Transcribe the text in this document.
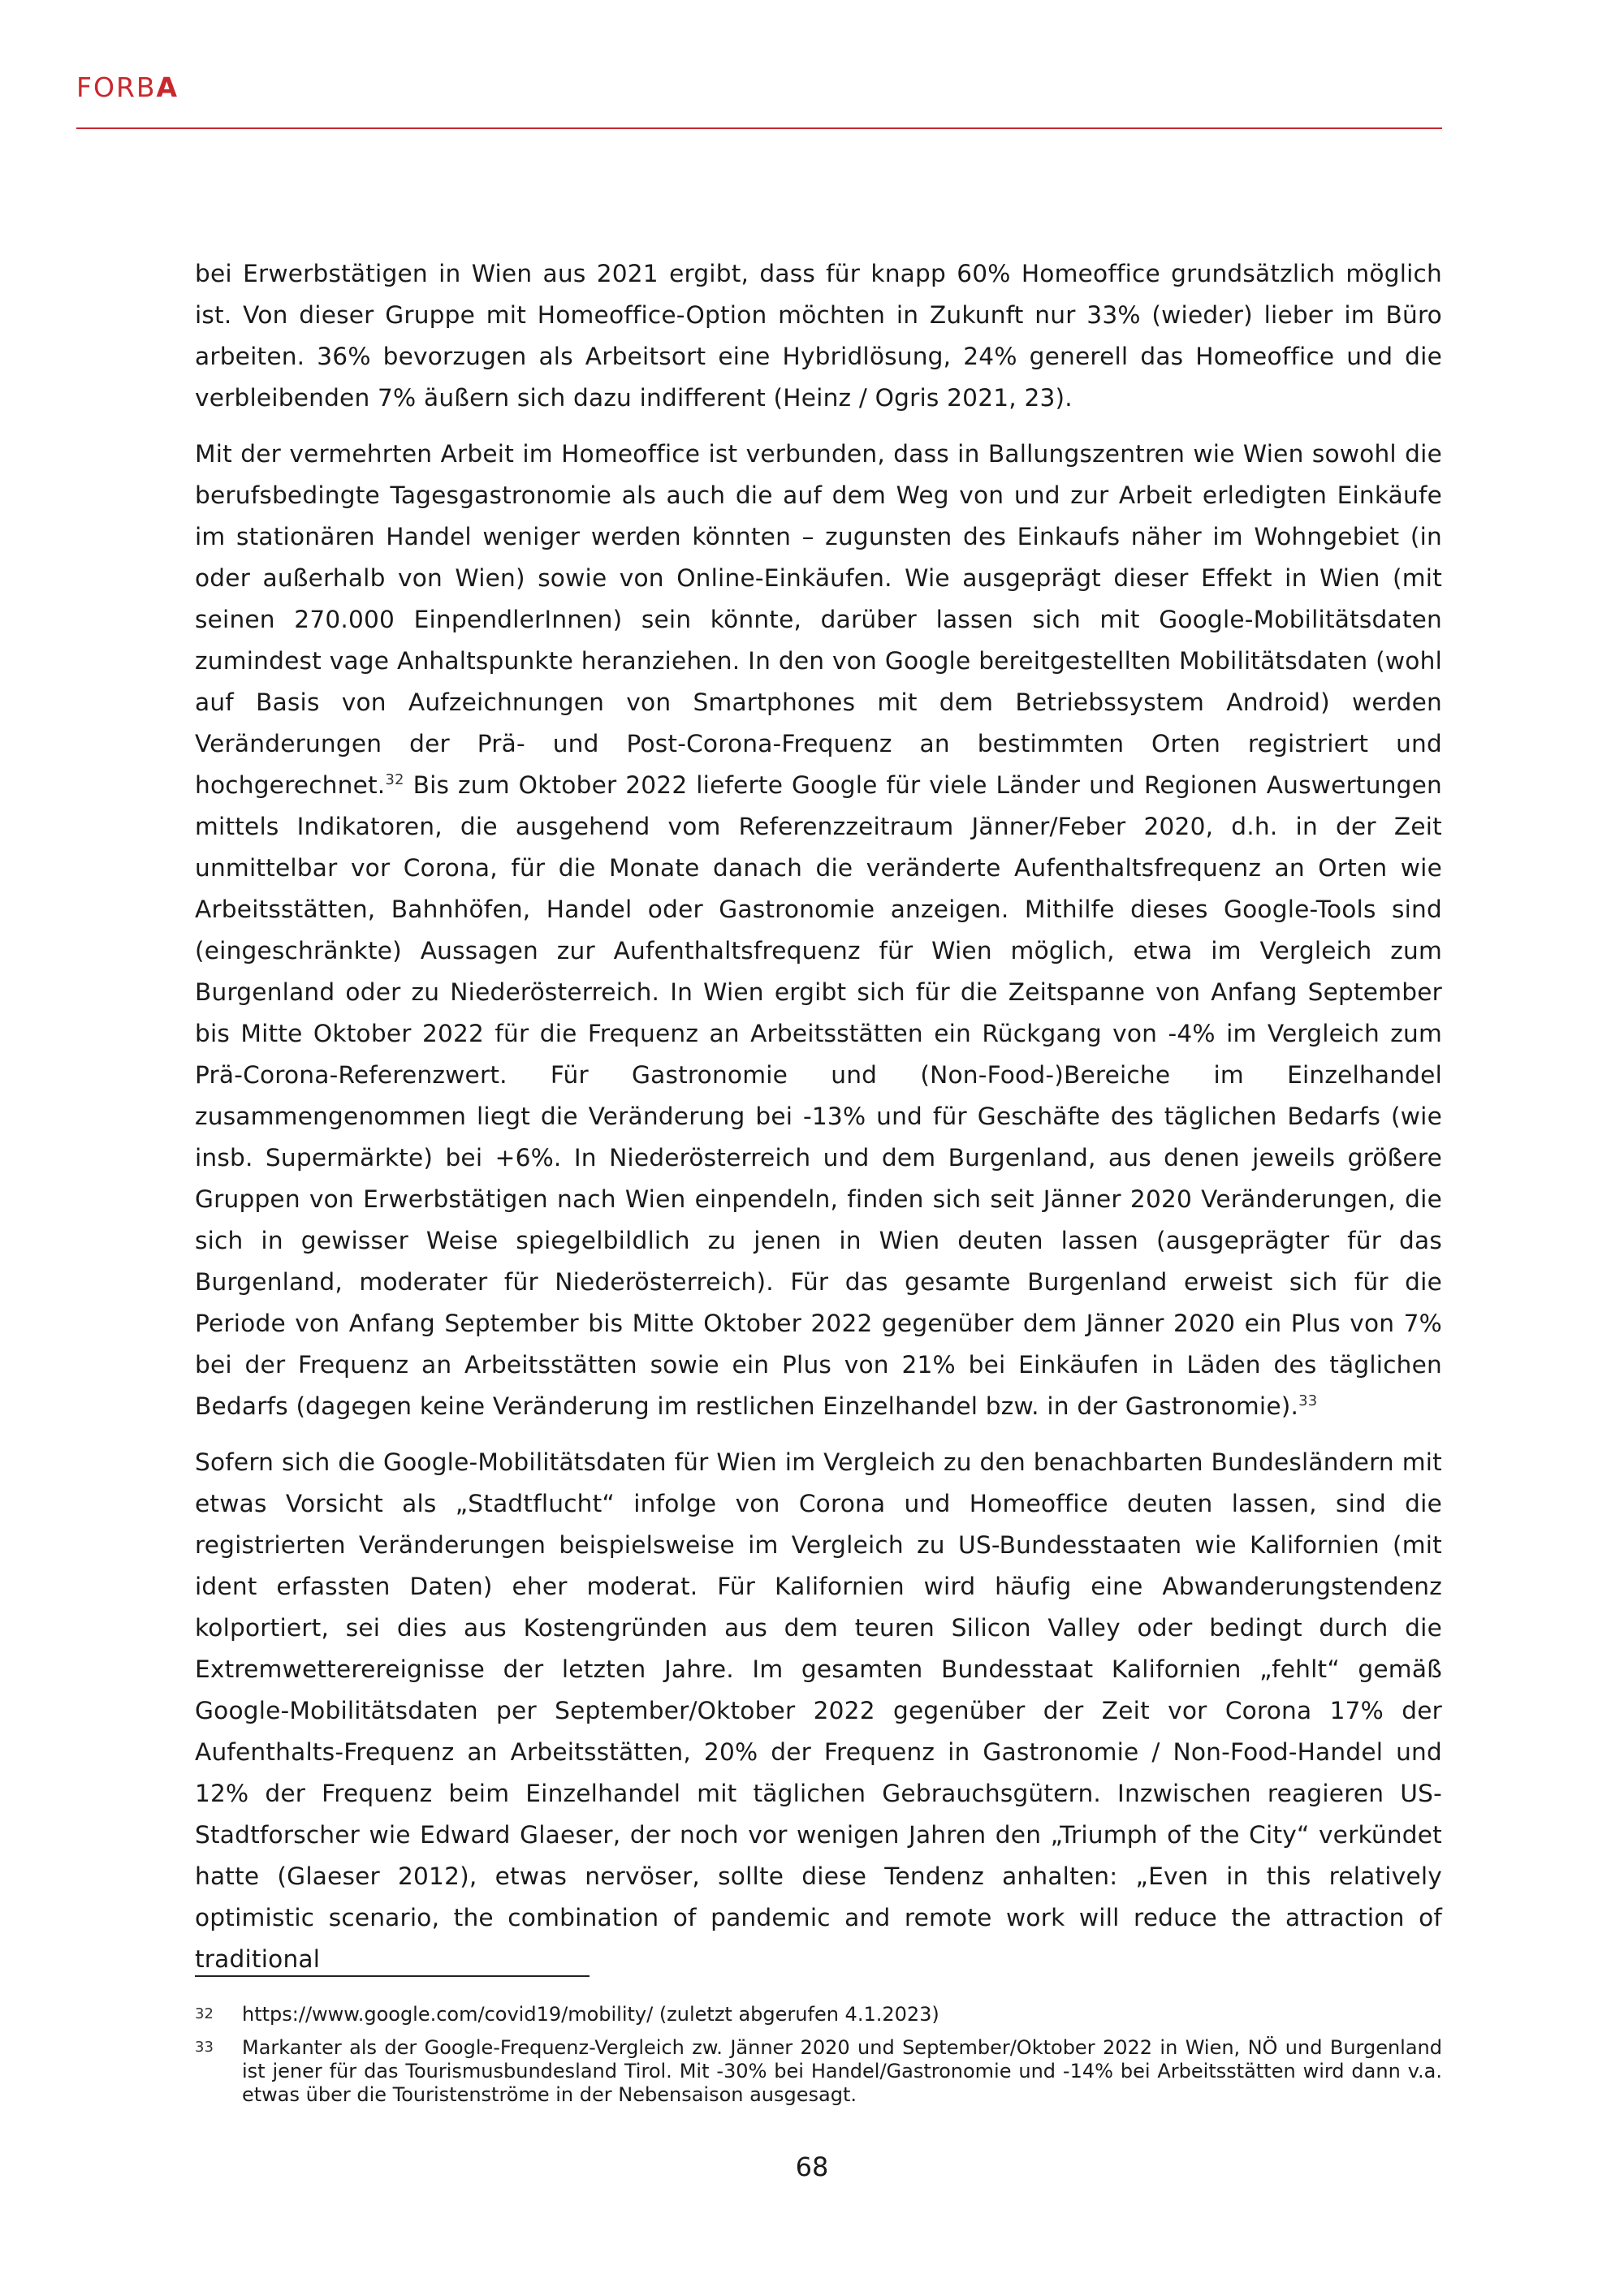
FORBA

bei Erwerbstätigen in Wien aus 2021 ergibt, dass für knapp 60% Homeoffice grundsätzlich möglich ist. Von dieser Gruppe mit Homeoffice-Option möchten in Zukunft nur 33% (wieder) lieber im Büro arbeiten. 36% bevorzugen als Arbeitsort eine Hybridlösung, 24% generell das Homeoffice und die verbleibenden 7% äußern sich dazu indifferent (Heinz / Ogris 2021, 23).

Mit der vermehrten Arbeit im Homeoffice ist verbunden, dass in Ballungszentren wie Wien sowohl die berufsbedingte Tagesgastronomie als auch die auf dem Weg von und zur Arbeit erledigten Einkäufe im stationären Handel weniger werden könnten – zugunsten des Einkaufs näher im Wohngebiet (in oder außerhalb von Wien) sowie von Online-Einkäufen. Wie ausgeprägt dieser Effekt in Wien (mit seinen 270.000 EinpendlerInnen) sein könnte, darüber lassen sich mit Google-Mobilitätsdaten zumindest vage Anhaltspunkte heranziehen. In den von Google bereitgestellten Mobilitätsdaten (wohl auf Basis von Aufzeichnungen von Smartphones mit dem Betriebssystem Android) werden Veränderungen der Prä- und Post-Corona-Frequenz an bestimmten Orten registriert und hochgerechnet.$^{32}$ Bis zum Oktober 2022 lieferte Google für viele Länder und Regionen Auswertungen mittels Indikatoren, die ausgehend vom Referenzzeitraum Jänner/Feber 2020, d.h. in der Zeit unmittelbar vor Corona, für die Monate danach die veränderte Aufenthaltsfrequenz an Orten wie Arbeitsstätten, Bahnhöfen, Handel oder Gastronomie anzeigen. Mithilfe dieses Google-Tools sind (eingeschränkte) Aussagen zur Aufenthaltsfrequenz für Wien möglich, etwa im Vergleich zum Burgenland oder zu Niederösterreich. In Wien ergibt sich für die Zeitspanne von Anfang September bis Mitte Oktober 2022 für die Frequenz an Arbeitsstätten ein Rückgang von -4% im Vergleich zum Prä-Corona-Referenzwert. Für Gastronomie und (Non-Food-)Bereiche im Einzelhandel zusammengenommen liegt die Veränderung bei -13% und für Geschäfte des täglichen Bedarfs (wie insb. Supermärkte) bei +6%. In Niederösterreich und dem Burgenland, aus denen jeweils größere Gruppen von Erwerbstätigen nach Wien einpendeln, finden sich seit Jänner 2020 Veränderungen, die sich in gewisser Weise spiegelbildlich zu jenen in Wien deuten lassen (ausgeprägter für das Burgenland, moderater für Niederösterreich). Für das gesamte Burgenland erweist sich für die Periode von Anfang September bis Mitte Oktober 2022 gegenüber dem Jänner 2020 ein Plus von 7% bei der Frequenz an Arbeitsstätten sowie ein Plus von 21% bei Einkäufen in Läden des täglichen Bedarfs (dagegen keine Veränderung im restlichen Einzelhandel bzw. in der Gastronomie).$^{33}$

Sofern sich die Google-Mobilitätsdaten für Wien im Vergleich zu den benachbarten Bundesländern mit etwas Vorsicht als „Stadtflucht“ infolge von Corona und Homeoffice deuten lassen, sind die registrierten Veränderungen beispielsweise im Vergleich zu US-Bundesstaaten wie Kalifornien (mit ident erfassten Daten) eher moderat. Für Kalifornien wird häufig eine Abwanderungstendenz kolportiert, sei dies aus Kostengründen aus dem teuren Silicon Valley oder bedingt durch die Extremwetterereignisse der letzten Jahre. Im gesamten Bundesstaat Kalifornien „fehlt“ gemäß Google-Mobilitätsdaten per September/Oktober 2022 gegenüber der Zeit vor Corona 17% der Aufenthalts-Frequenz an Arbeitsstätten, 20% der Frequenz in Gastronomie / Non-Food-Handel und 12% der Frequenz beim Einzelhandel mit täglichen Gebrauchsgütern. Inzwischen reagieren US-Stadtforscher wie Edward Glaeser, der noch vor wenigen Jahren den „Triumph of the City“ verkündet hatte (Glaeser 2012), etwas nervöser, sollte diese Tendenz anhalten: „Even in this relatively optimistic scenario, the combination of pandemic and remote work will reduce the attraction of traditional

32	https://www.google.com/covid19/mobility/ (zuletzt abgerufen 4.1.2023)
33	Markanter als der Google-Frequenz-Vergleich zw. Jänner 2020 und September/Oktober 2022 in Wien, NÖ und Burgenland ist jener für das Tourismusbundesland Tirol. Mit -30% bei Handel/Gastronomie und -14% bei Arbeitsstätten wird dann v.a. etwas über die Touristenströme in der Nebensaison ausgesagt.
68
